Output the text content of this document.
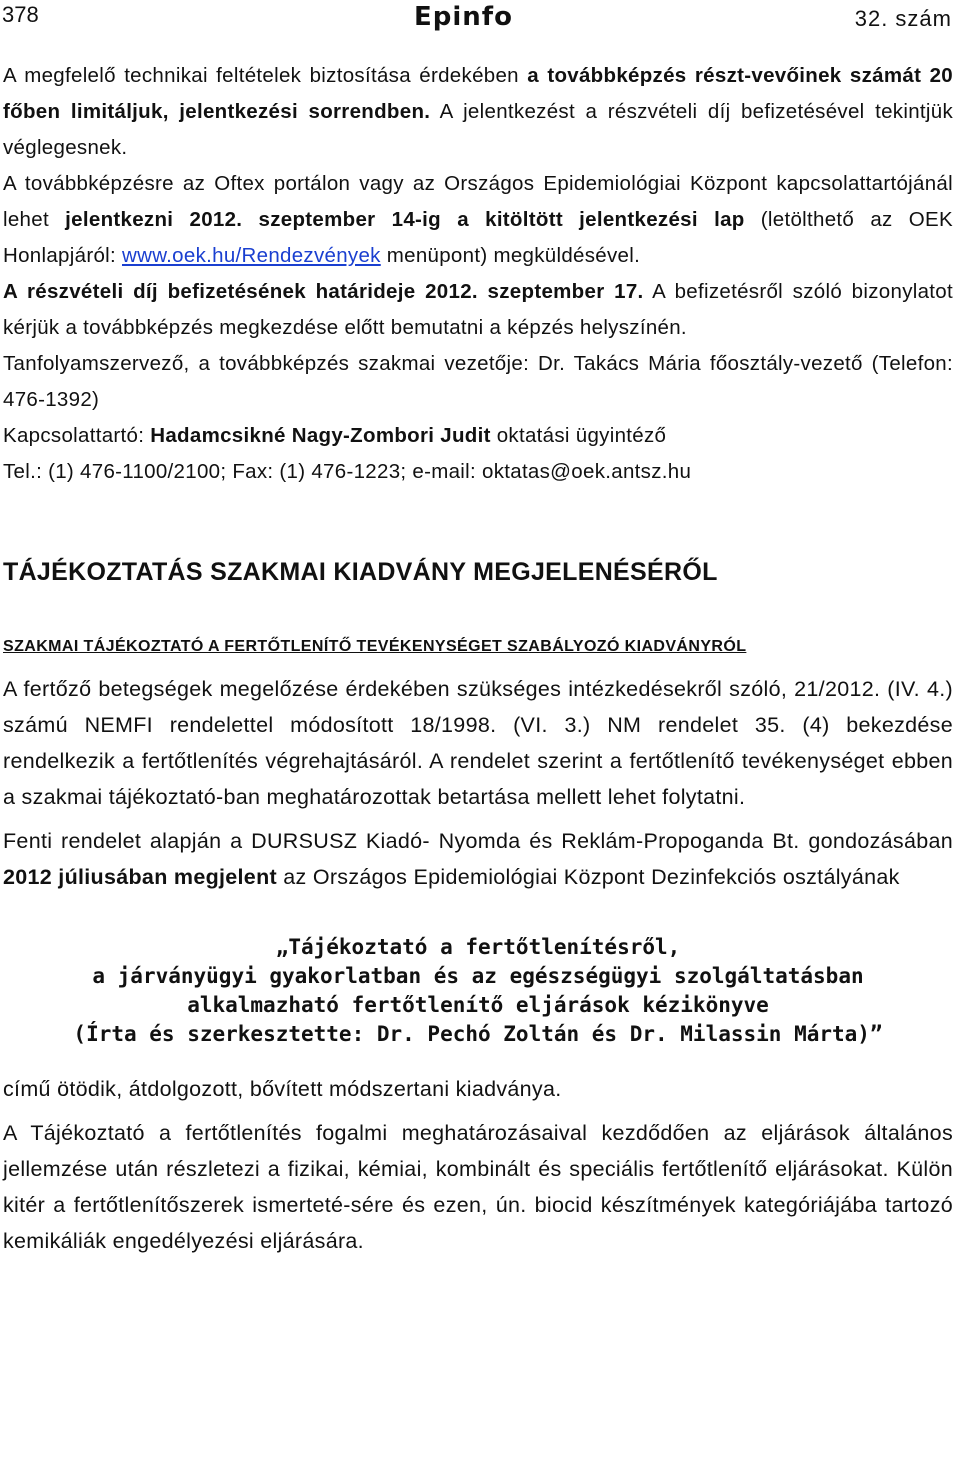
378	Epinfo	32. szám

A megfelelő technikai feltételek biztosítása érdekében a továbbképzés részt-vevőinek számát 20 főben limitáljuk, jelentkezési sorrendben. A jelentkezést a részvételi díj befizetésével tekintjük véglegesnek.

A továbbképzésre az Oftex portálon vagy az Országos Epidemiológiai Központ kapcsolattartójánál lehet jelentkezni 2012. szeptember 14-ig a kitöltött jelentkezési lap (letölthető az OEK Honlapjáról: www.oek.hu/Rendezvények menüpont) megküldésével.

A részvételi díj befizetésének határideje 2012. szeptember 17. A befizetésről szóló bizonylatot kérjük a továbbképzés megkezdése előtt bemutatni a képzés helyszínén.

Tanfolyamszervező, a továbbképzés szakmai vezetője: Dr. Takács Mária főosztály-vezető (Telefon: 476-1392)

Kapcsolattartó: Hadamcsikné Nagy-Zombori Judit oktatási ügyintéző

Tel.: (1) 476-1100/2100; Fax: (1) 476-1223; e-mail: oktatas@oek.antsz.hu

TÁJÉKOZTATÁS SZAKMAI KIADVÁNY MEGJELENÉSÉRŐL
SZAKMAI TÁJÉKOZTATÓ A FERTŐTLENÍTŐ TEVÉKENYSÉGET SZABÁLYOZÓ KIADVÁNYRÓL

A fertőző betegségek megelőzése érdekében szükséges intézkedésekről szóló, 21/2012. (IV. 4.) számú NEMFI rendelettel módosított 18/1998. (VI. 3.) NM rendelet 35. (4) bekezdése rendelkezik a fertőtlenítés végrehajtásáról. A rendelet szerint a fertőtlenítő tevékenységet ebben a szakmai tájékoztató-ban meghatározottak betartása mellett lehet folytatni.

Fenti rendelet alapján a DURSUSZ Kiadó- Nyomda és Reklám-Propoganda Bt. gondozásában 2012 júliusában megjelent az Országos Epidemiológiai Központ Dezinfekciós osztályának

„Tájékoztató a fertőtlenítésről,
a járványügyi gyakorlatban és az egészségügyi szolgáltatásban
alkalmazható fertőtlenítő eljárások kézikönyve
(Írta és szerkesztette: Dr. Pechó Zoltán és Dr. Milassin Márta)”

című ötödik, átdolgozott, bővített módszertani kiadványa.

A Tájékoztató a fertőtlenítés fogalmi meghatározásaival kezdődően az eljárások általános jellemzése után részletezi a fizikai, kémiai, kombinált és speciális fertőtlenítő eljárásokat. Külön kitér a fertőtlenítőszerek ismerteté-sére és ezen, ún. biocid készítmények kategóriájába tartozó kemikáliák engedélyezési eljárására.
